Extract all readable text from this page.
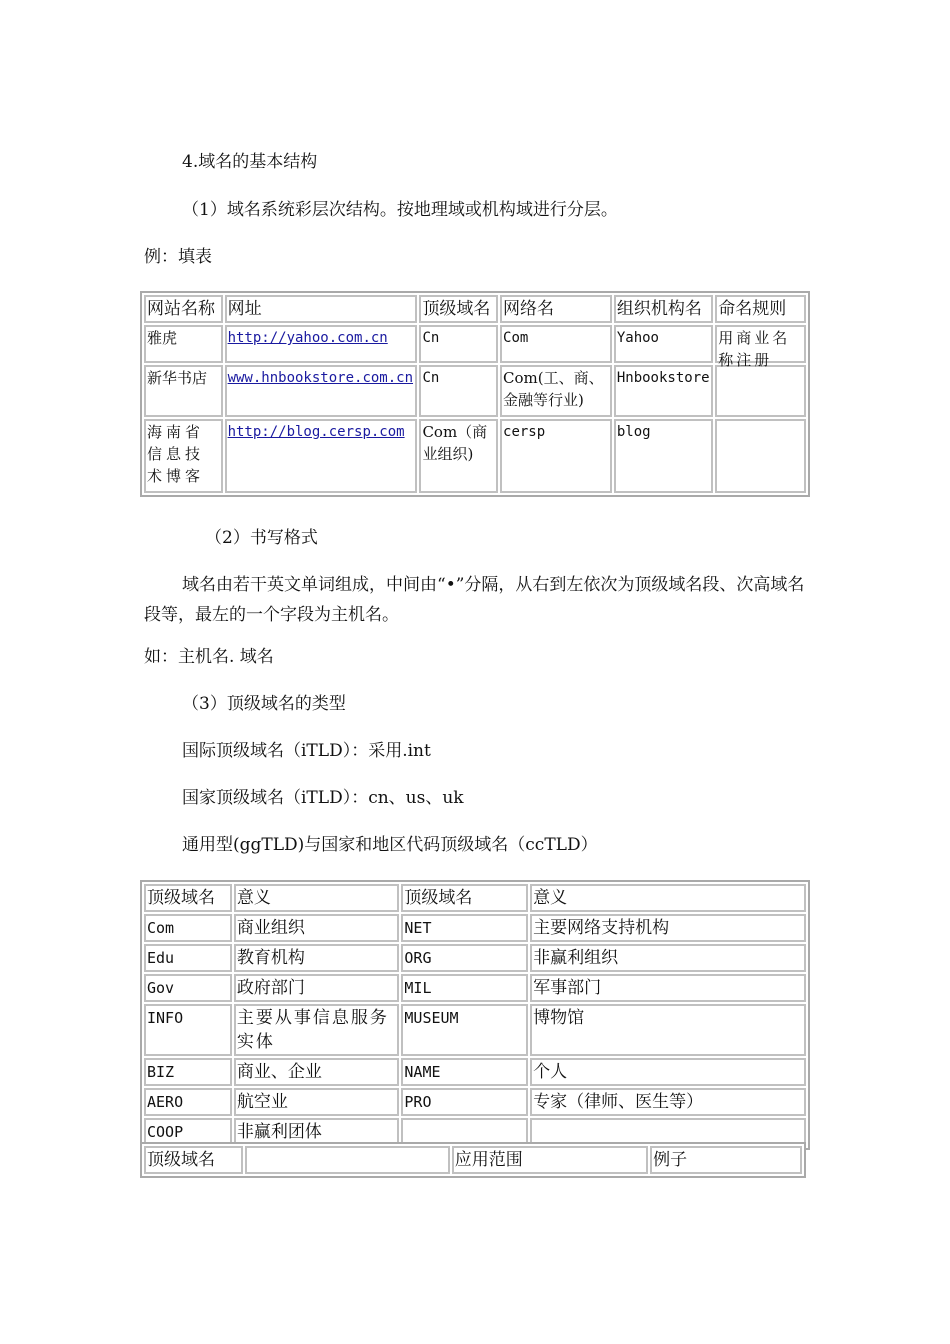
4.域名的基本结构
（1）域名系统彩层次结构。按地理域或机构域进行分层。
例：填表
网站名称	网址	顶级域名	网络名	组织机构名	命名规则
雅虎	http://yahoo.com.cn	Cn	Com	Yahoo	用商业名称注册

新华书店	www.hnbookstore.com.cn	Cn	Com(工、商、金融等行业)	Hnbookstore	
海南省信息技术博客	http://blog.cersp.com	Com（商业组织)	cersp	blog	
（2）书写格式
域名由若干英文单词组成，中间由“•”分隔，从右到左依次为顶级域名段、次高域名段等，最左的一个字段为主机名。
如：主机名. 域名
（3）顶级域名的类型
国际顶级域名（iTLD）：采用.int
国家顶级域名（iTLD）：cn、us、uk
通用型(ggTLD)与国家和地区代码顶级域名（ccTLD）
顶级域名	意义	顶级域名	意义
Com	商业组织	NET	主要网络支持机构
Edu	教育机构	ORG	非赢利组织
Gov	政府部门	MIL	军事部门
INFO	主要从事信息服务实体	MUSEUM	博物馆
BIZ	商业、企业	NAME	个人
AERO	航空业	PRO	专家（律师、医生等）
COOP	非赢利团体		
顶级域名		应用范围	例子
